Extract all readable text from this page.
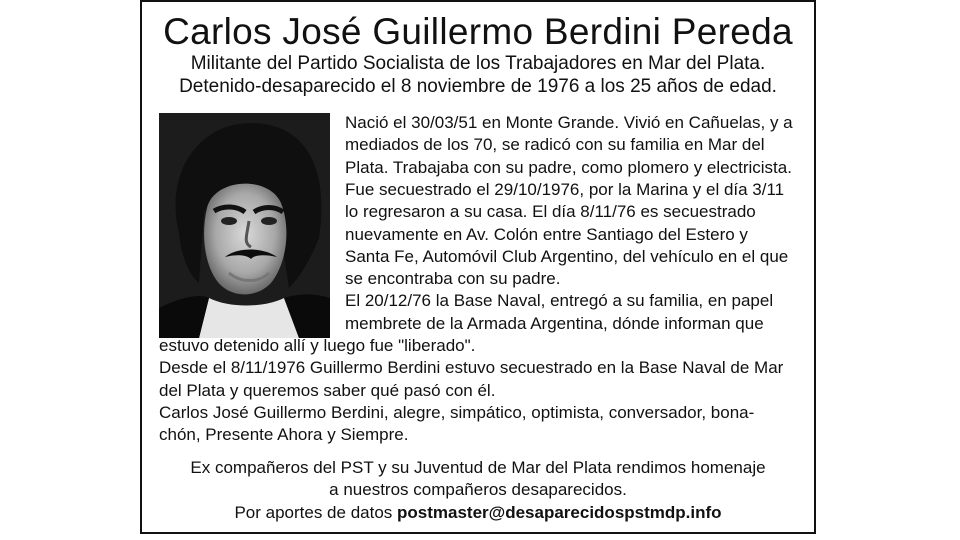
Carlos José Guillermo Berdini Pereda
Militante del Partido Socialista de los Trabajadores en Mar del Plata.
Detenido-desaparecido el 8 noviembre de 1976 a los 25 años de edad.
Nació el 30/03/51 en Monte Grande. Vivió en Cañuelas, y a
mediados de los 70, se radicó con su familia en Mar del
Plata. Trabajaba con su padre, como plomero y electricista.
Fue secuestrado el 29/10/1976, por la Marina y el día 3/11
lo regresaron a su casa. El día 8/11/76 es secuestrado
nuevamente en Av. Colón entre Santiago del Estero y
Santa Fe, Automóvil Club Argentino, del vehículo en el que
se encontraba con su padre.
El 20/12/76 la Base Naval, entregó a su familia, en papel
membrete de la Armada Argentina, dónde informan que
estuvo detenido allí y luego fue "liberado".
Desde el 8/11/1976 Guillermo Berdini estuvo secuestrado en la Base Naval de Mar
del Plata y queremos saber qué pasó con él.
Carlos José Guillermo Berdini, alegre, simpático, optimista, conversador, bona-
chón, Presente Ahora y Siempre.
Ex compañeros del PST y su Juventud de Mar del Plata rendimos homenaje
a nuestros compañeros desaparecidos.
Por aportes de datos postmaster@desaparecidospstmdp.info
